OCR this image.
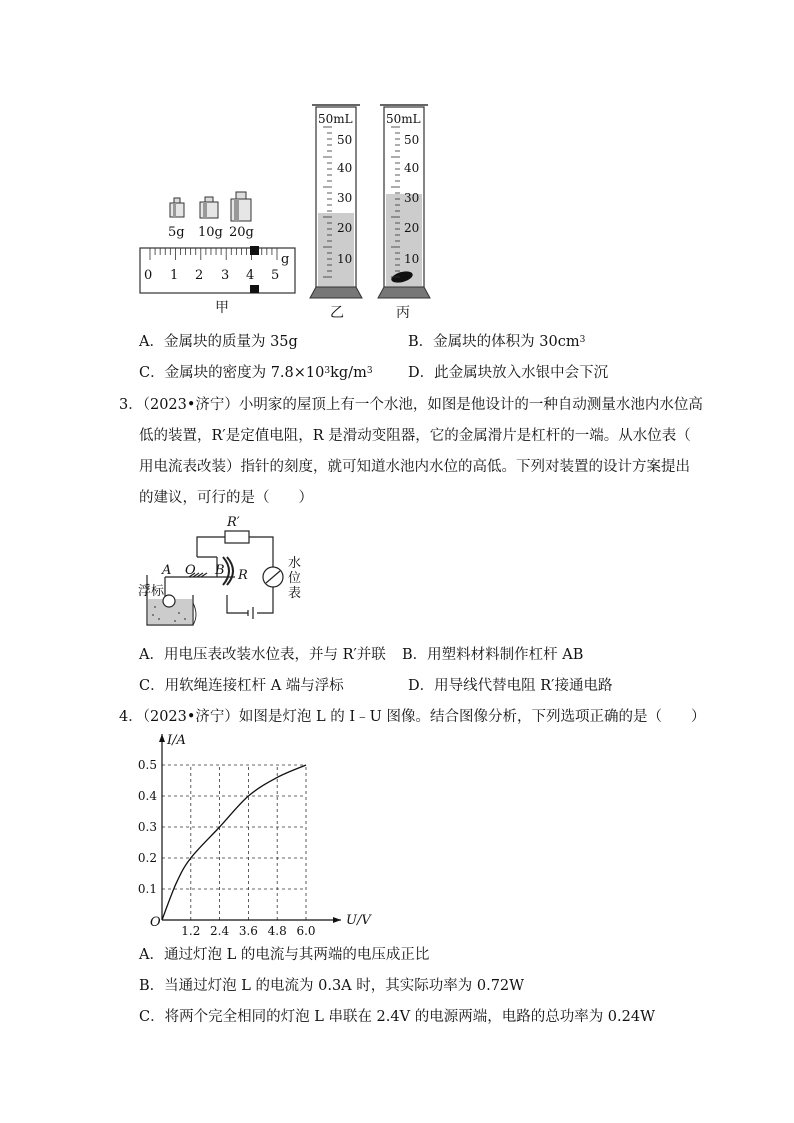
5g 10g 20g
0 1 2 3 4 5
g
甲
50mL
50
40
30
20
10
乙
50mL
50
40
30
20
10
丙
A．金属块的质量为 35g	B．金属块的体积为 $30cm^3$
C．金属块的密度为 $7.8\times 10^3kg/m^3$ D．此金属块放入水银中会下沉
3．（2023•济宁）小明家的屋顶上有一个水池，如图是他设计的一种自动测量水池内水位高
低的装置，R′是定值电阻，R 是滑动变阻器，它的金属滑片是杠杆的一端。从水位表（
用电流表改装）指针的刻度，就可知道水池内水位的高低。下列对装置的设计方案提出
的建议，可行的是（　　）
R′
R
A O B
浮标
水
位
表
A．用电压表改装水位表，并与 R′并联 B．用塑料材料制作杠杆 AB
C．用软绳连接杠杆 A 端与浮标	D．用导线代替电阻 R′接通电路
4．（2023•济宁）如图是灯泡 L 的 I﹣U 图像。结合图像分析，下列选项正确的是（　　）
1.2 2.4 3.6 4.8 6.0
0.1
0.2
0.3
0.4
0.5
U/V
I/A
O
A．通过灯泡 L 的电流与其两端的电压成正比
B．当通过灯泡 L 的电流为 0.3A 时，其实际功率为 0.72W
C．将两个完全相同的灯泡 L 串联在 2.4V 的电源两端，电路的总功率为 0.24W
